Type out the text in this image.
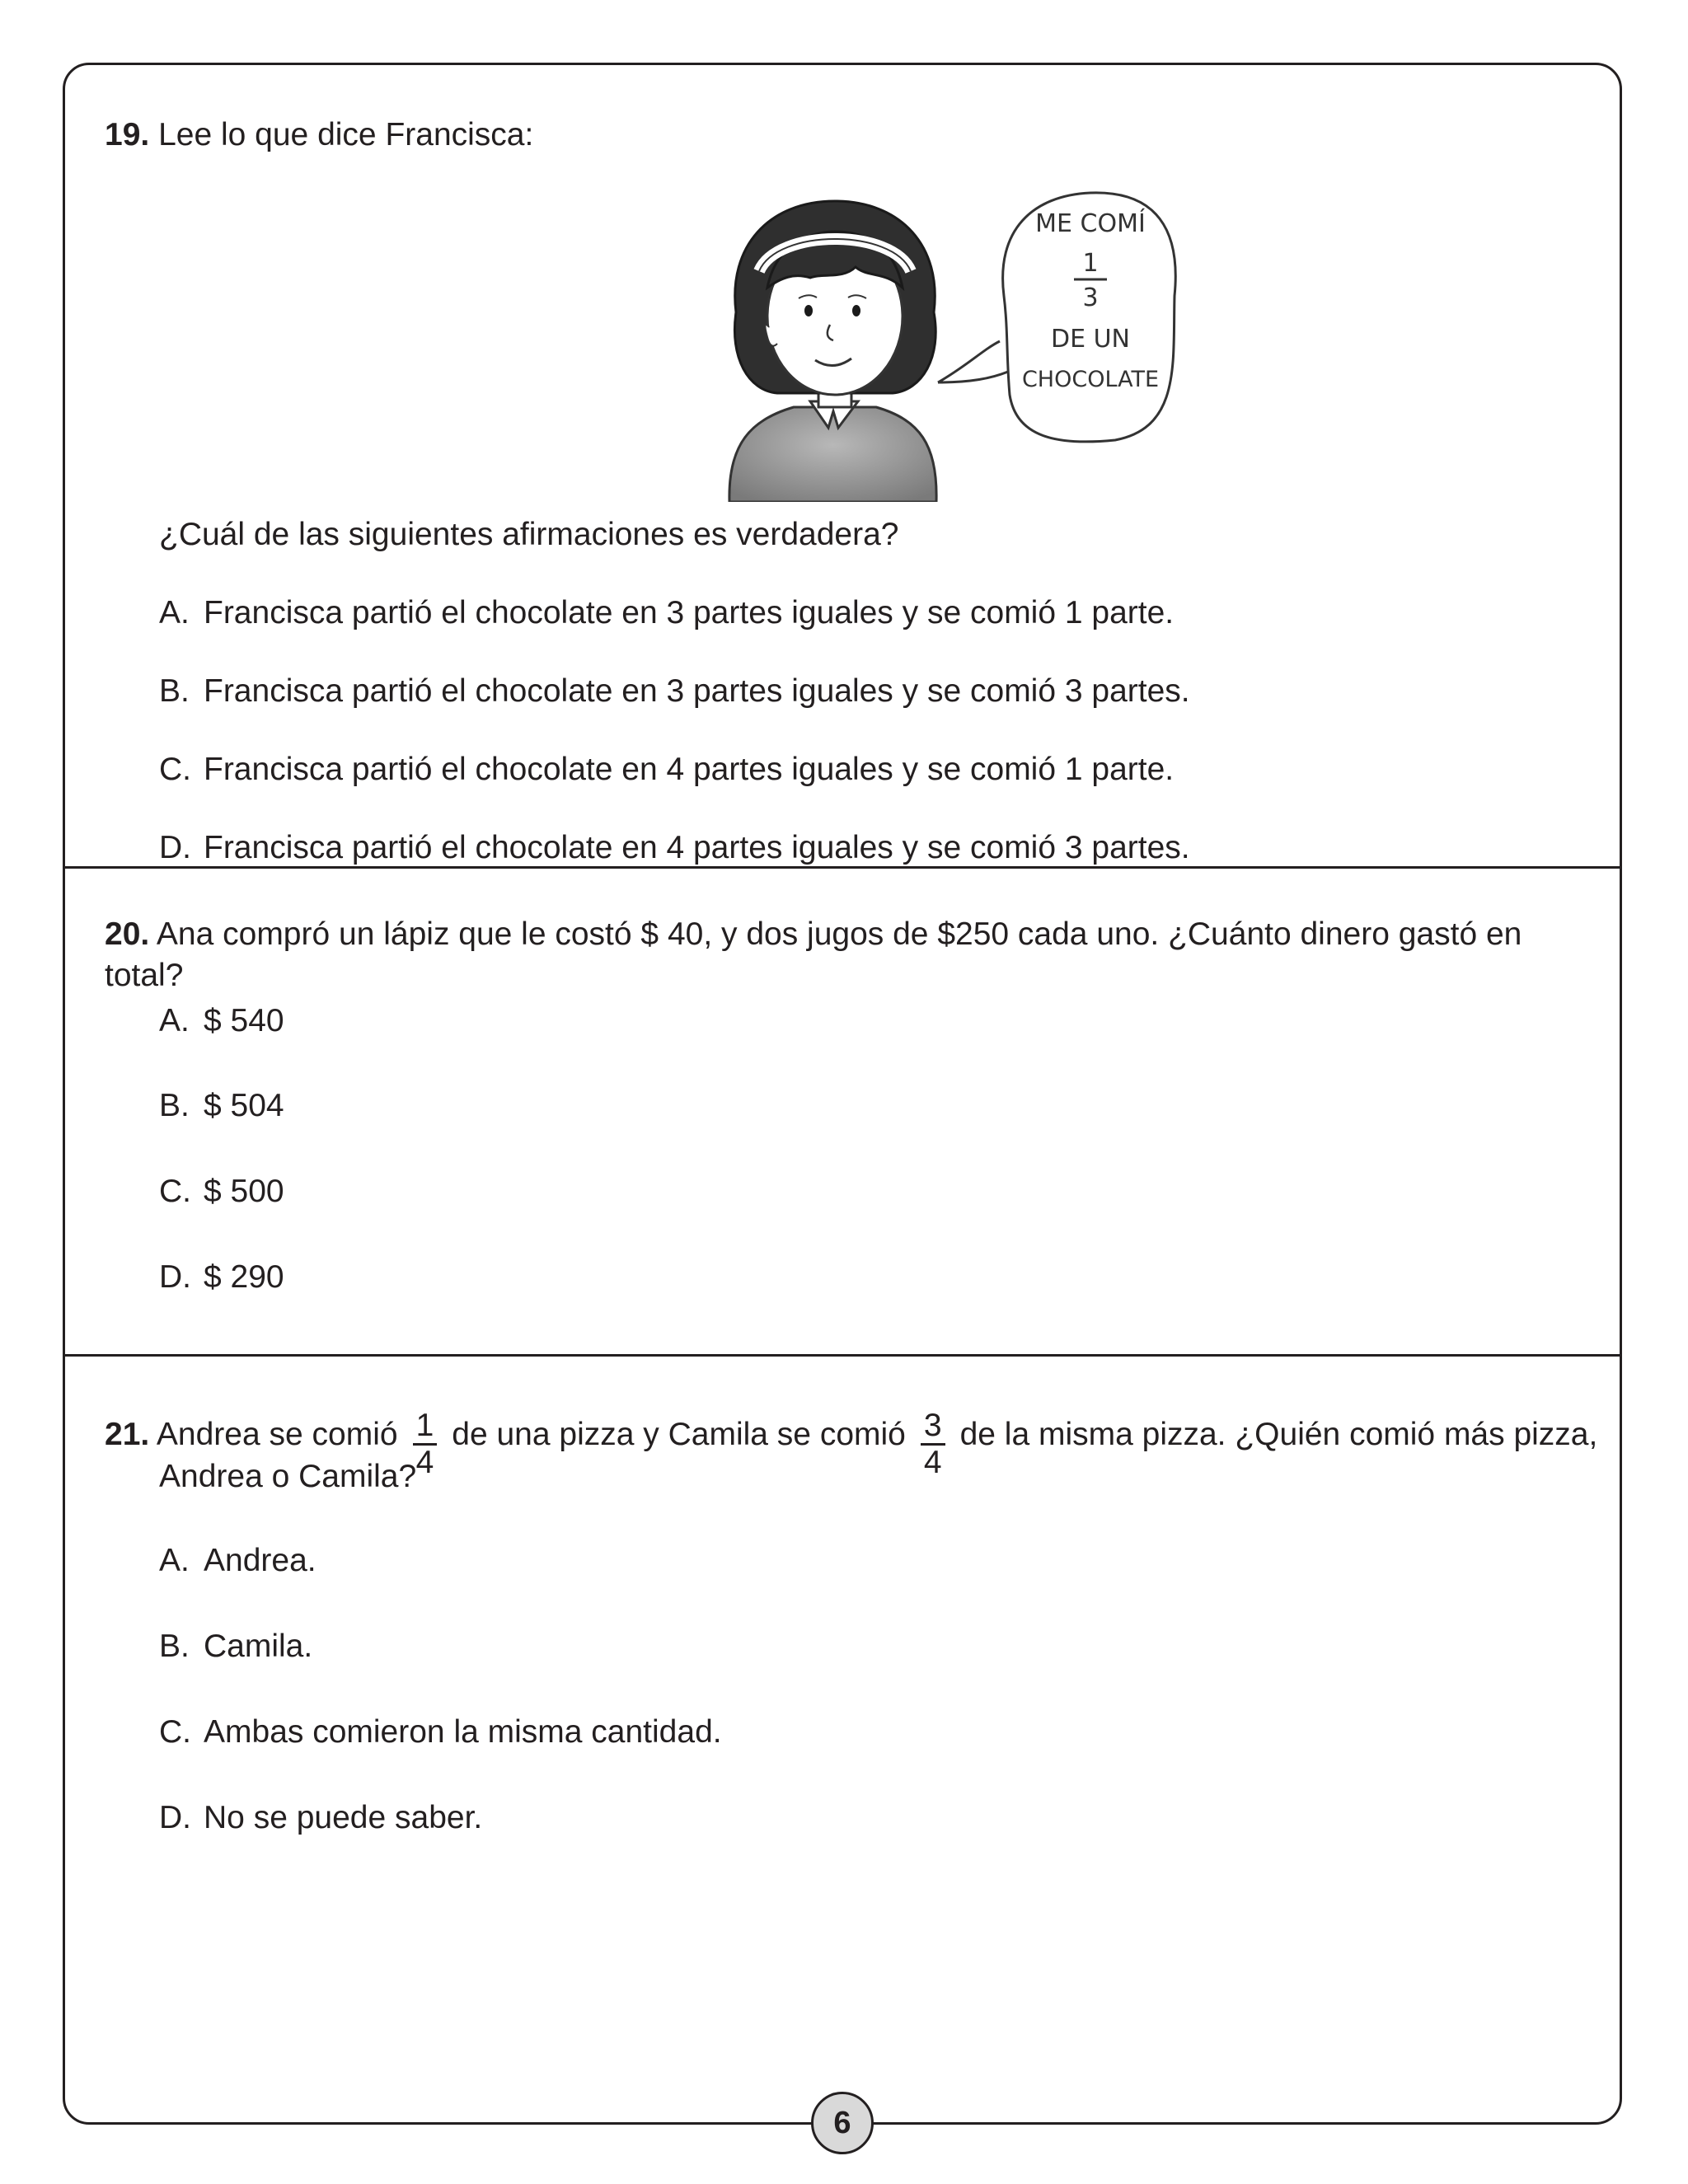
19. Lee lo que dice Francisca:
ME COMÍ
1
3
DE UN
CHOCOLATE
¿Cuál de las siguientes afirmaciones es verdadera?
A. Francisca partió el chocolate en 3 partes iguales y se comió 1 parte.
B. Francisca partió el chocolate en 3 partes iguales y se comió 3 partes.
C. Francisca partió el chocolate en 4 partes iguales y se comió 1 parte.
D. Francisca partió el chocolate en 4 partes iguales y se comió 3 partes.
20. Ana compró un lápiz que le costó $ 40, y dos jugos de $250 cada uno. ¿Cuánto dinero gastó en total?
A. $ 540
B. $ 504
C. $ 500
D. $ 290
21. Andrea se comió $\frac{1}{4}$ de una pizza y Camila se comió $\frac{3}{4}$ de la misma pizza. ¿Quién comió más pizza,
Andrea o Camila?
A. Andrea.
B. Camila.
C. Ambas comieron la misma cantidad.
D. No se puede saber.
6
